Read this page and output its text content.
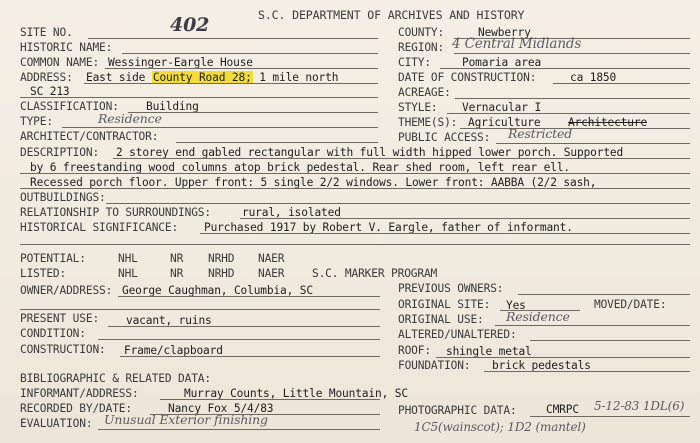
S.C. DEPARTMENT OF ARCHIVES AND HISTORY
SITE NO.	402
HISTORIC NAME:
COMMON NAME: Wessinger-Eargle House
ADDRESS: East side County Road 28; 1 mile north
SC 213
CLASSIFICATION: Building
TYPE:	Residence
ARCHITECT/CONTRACTOR:
COUNTY:	Newberry
REGION: 4 Central Midlands
CITY:	Pomaria area
DATE OF CONSTRUCTION:	ca 1850
ACREAGE:
STYLE: Vernacular I
THEME(S): Agriculture Architecture
PUBLIC ACCESS: Restricted
DESCRIPTION: 2 storey end gabled rectangular with full width hipped lower porch. Supported
by 6 freestanding wood columns atop brick pedestal. Rear shed room, left rear ell.
Recessed porch floor. Upper front: 5 single 2/2 windows. Lower front: AABBA (2/2 sash,
OUTBUILDINGS:
RELATIONSHIP TO SURROUNDINGS:	rural, isolated
HISTORICAL SIGNIFICANCE: Purchased 1917 by Robert V. Eargle, father of informant.
POTENTIAL:	NHL	NR NRHD NAER
LISTED:	NHL	NR NRHD NAER S.C. MARKER PROGRAM
OWNER/ADDRESS: George Caughman, Columbia, SC	PREVIOUS OWNERS:
ORIGINAL SITE: Yes	MOVED/DATE:
PRESENT USE: vacant, ruins	ORIGINAL USE: Residence
CONDITION:	ALTERED/UNALTERED:
CONSTRUCTION: Frame/clapboard	ROOF: shingle metal
FOUNDATION: brick pedestals
BIBLIOGRAPHIC & RELATED DATA:
INFORMANT/ADDRESS:	Murray Counts, Little Mountain, SC
RECORDED BY/DATE:	Nancy Fox 5/4/83	PHOTOGRAPHIC DATA:	CMRPC 5-12-83 1DL(6)
EVALUATION: Unusual Exterior finishing	1C5(wainscot); 1D2 (mantel)
